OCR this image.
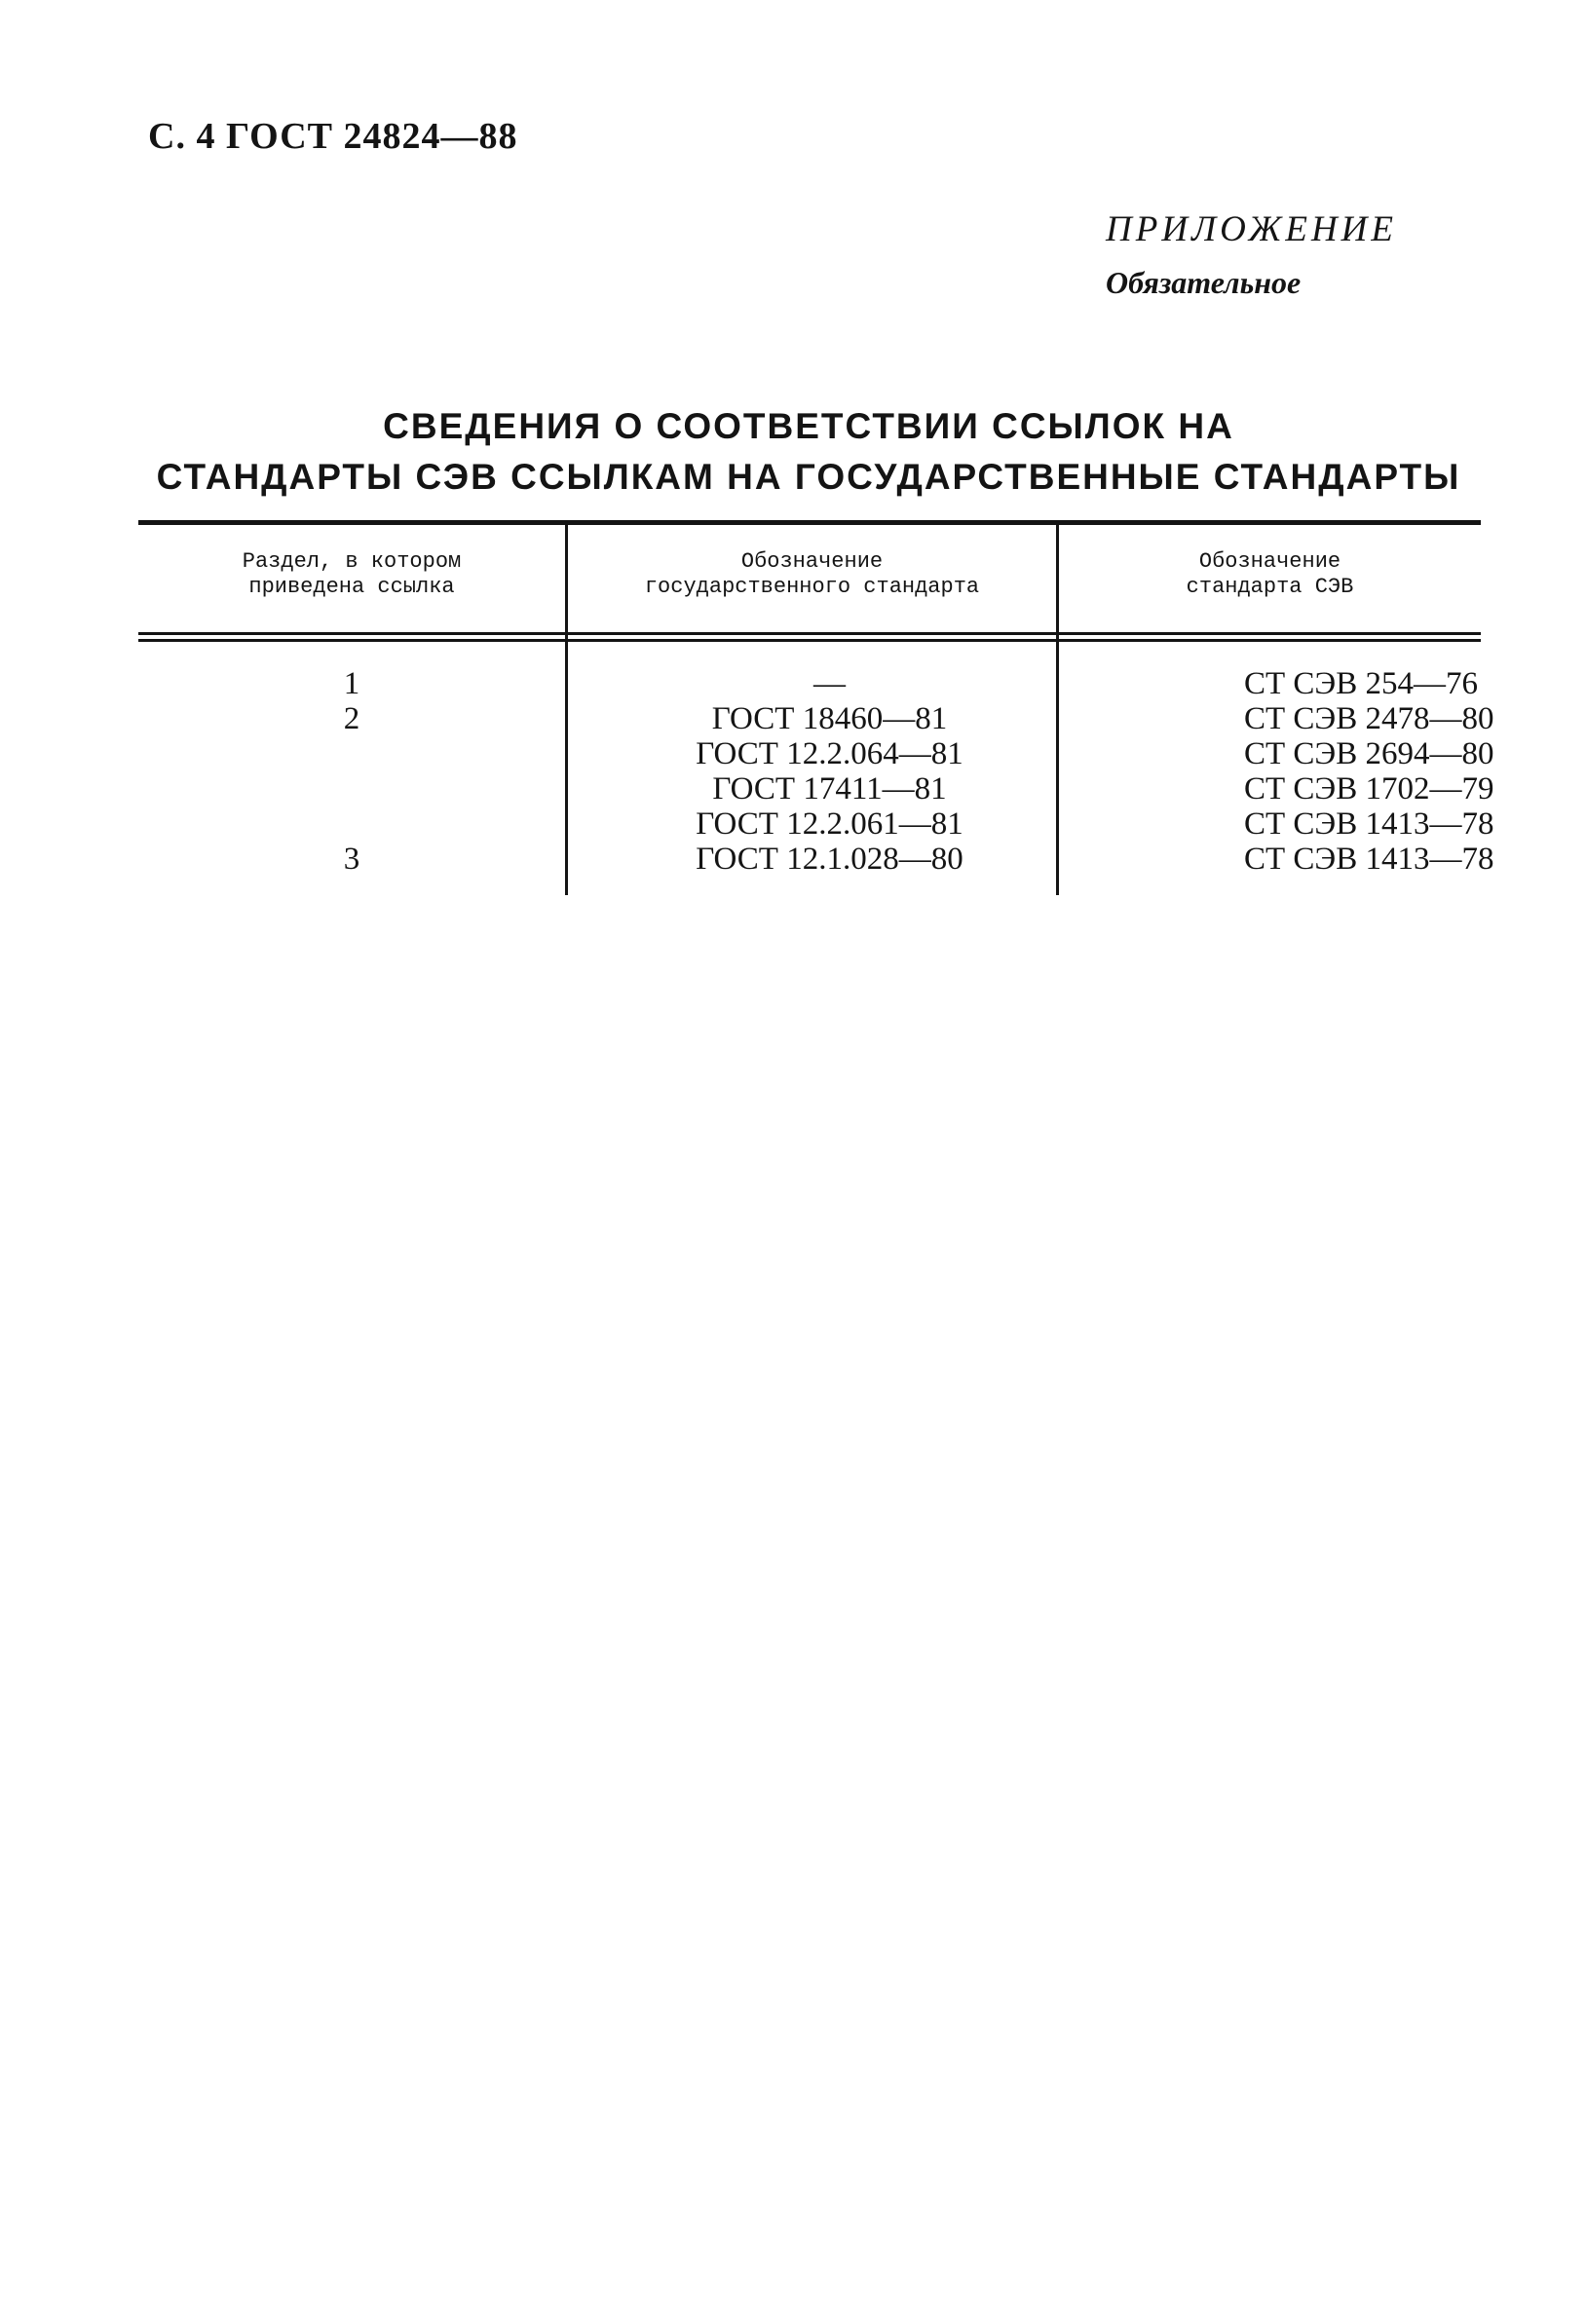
С. 4 ГОСТ 24824—88
ПРИЛОЖЕНИЕ
Обязательное
СВЕДЕНИЯ О СООТВЕТСТВИИ ССЫЛОК НА
СТАНДАРТЫ СЭВ ССЫЛКАМ НА ГОСУДАРСТВЕННЫЕ СТАНДАРТЫ
Раздел, в котором
приведена ссылка
Обозначение
государственного стандарта
Обозначение
стандарта СЭВ
1
2
3
—
ГОСТ 18460—81
ГОСТ 12.2.064—81
ГОСТ 17411—81
ГОСТ 12.2.061—81
ГОСТ 12.1.028—80
СТ СЭВ 254—76
СТ СЭВ 2478—80
СТ СЭВ 2694—80
СТ СЭВ 1702—79
СТ СЭВ 1413—78
СТ СЭВ 1413—78
